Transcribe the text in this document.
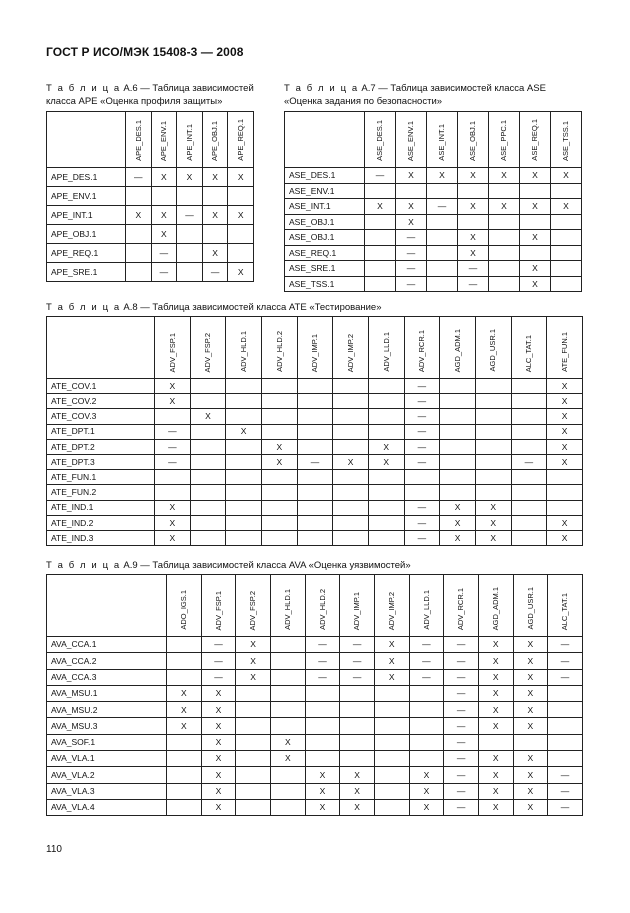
ГОСТ Р ИСО/МЭК 15408-3 — 2008
Т а б л и ц а А.6 — Таблица зависимостей класса APE «Оценка профиля защиты»

	APE_DES.1	APE_ENV.1	APE_INT.1	APE_OBJ.1	APE_REQ.1

APE_DES.1	—	X	X	X	X
APE_ENV.1					
APE_INT.1	X	X	—	X	X
APE_OBJ.1		X			
APE_REQ.1		—		X	
APE_SRE.1		—		—	X
Т а б л и ц а А.7 — Таблица зависимостей класса ASE «Оценка задания по безопасности»

	ASE_DES.1	ASE_ENV.1	ASE_INT.1	ASE_OBJ.1	ASE_PPC.1	ASE_REQ.1	ASE_TSS.1

ASE_DES.1	—	X	X	X	X	X	X
ASE_ENV.1							
ASE_INT.1	X	X	—	X	X	X	X
ASE_OBJ.1		X					
ASE_OBJ.1		—		X		X	
ASE_REQ.1		—		X			
ASE_SRE.1		—		—		X	
ASE_TSS.1		—		—		X	
Т а б л и ц а А.8 — Таблица зависимостей класса ATE «Тестирование»

	ADV_FSP.1	ADV_FSP.2	ADV_HLD.1	ADV_HLD.2	ADV_IMP.1	ADV_IMP.2	ADV_LLD.1	ADV_RCR.1	AGD_ADM.1	AGD_USR.1	ALC_TAT.1	ATE_FUN.1

ATE_COV.1	X							—				X
ATE_COV.2	X							—				X
ATE_COV.3		X						—				X
ATE_DPT.1	—		X					—				X
ATE_DPT.2	—			X			X	—				X
ATE_DPT.3	—			X	—	X	X	—			—	X
ATE_FUN.1												
ATE_FUN.2												
ATE_IND.1	X							—	X	X		
ATE_IND.2	X							—	X	X		X
ATE_IND.3	X							—	X	X		X
Т а б л и ц а А.9 — Таблица зависимостей класса AVA «Оценка уязвимостей»

	ADO_IGS.1	ADV_FSP.1	ADV_FSP.2	ADV_HLD.1	ADV_HLD.2	ADV_IMP.1	ADV_IMP.2	ADV_LLD.1	ADV_RCR.1	AGD_ADM.1	AGD_USR.1	ALC_TAT.1

AVA_CCA.1		—	X		—	—	X	—	—	X	X	—
AVA_CCA.2		—	X		—	—	X	—	—	X	X	—
AVA_CCA.3		—	X		—	—	X	—	—	X	X	—
AVA_MSU.1	X	X							—	X	X	
AVA_MSU.2	X	X							—	X	X	
AVA_MSU.3	X	X							—	X	X	
AVA_SOF.1		X		X					—			
AVA_VLA.1		X		X					—	X	X	
AVA_VLA.2		X			X	X		X	—	X	X	—
AVA_VLA.3		X			X	X		X	—	X	X	—
AVA_VLA.4		X			X	X		X	—	X	X	—
110
